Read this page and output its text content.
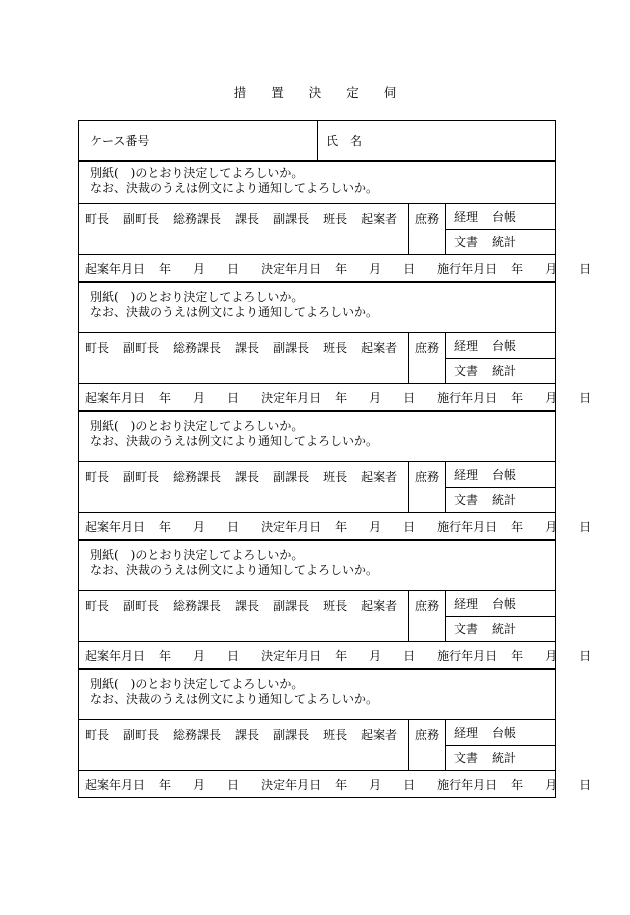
措　　置　　決　　定　　伺
ケース番号	氏　名
別紙(　)のとおり決定してよろしいか。
なお、決裁のうえは例文により通知してよろしいか。
町長 副町長 総務課長 課長 副課長 班長 起案者	庶務	経理 台帳
文書 統計
起案年月日 年 月 日 決定年月日 年 月 日 施行年月日 年 月 日
別紙(　)のとおり決定してよろしいか。
なお、決裁のうえは例文により通知してよろしいか。
町長 副町長 総務課長 課長 副課長 班長 起案者	庶務	経理 台帳
文書 統計
起案年月日 年 月 日 決定年月日 年 月 日 施行年月日 年 月 日
別紙(　)のとおり決定してよろしいか。
なお、決裁のうえは例文により通知してよろしいか。
町長 副町長 総務課長 課長 副課長 班長 起案者	庶務	経理 台帳
文書 統計
起案年月日 年 月 日 決定年月日 年 月 日 施行年月日 年 月 日
別紙(　)のとおり決定してよろしいか。
なお、決裁のうえは例文により通知してよろしいか。
町長 副町長 総務課長 課長 副課長 班長 起案者	庶務	経理 台帳
文書 統計
起案年月日 年 月 日 決定年月日 年 月 日 施行年月日 年 月 日
別紙(　)のとおり決定してよろしいか。
なお、決裁のうえは例文により通知してよろしいか。
町長 副町長 総務課長 課長 副課長 班長 起案者	庶務	経理 台帳
文書 統計
起案年月日 年 月 日 決定年月日 年 月 日 施行年月日 年 月 日
